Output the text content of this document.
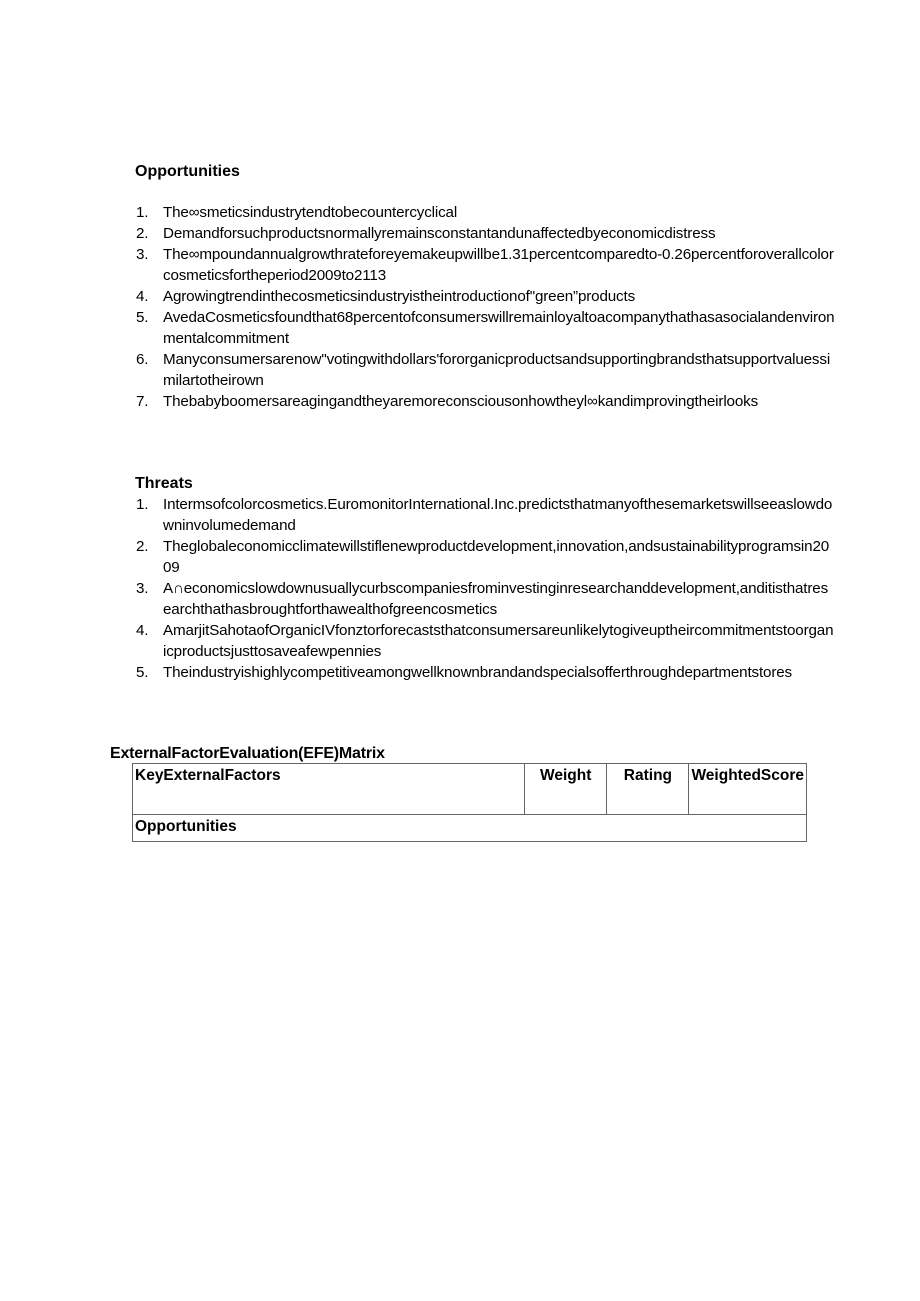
Opportunities
1. The∞smeticsindustrytendtobecountercyclical
2. Demandforsuchproductsnormallyremainsconstantandunaffectedbyeconomicdistress
3. The∞mpoundannualgrowthrateforeyemakeupwillbe1.31percentcomparedto-0.26percentforoverallcolorcosmeticsfortheperiod2009to2113
4. Agrowingtrendinthecosmeticsindustryistheintroductionof"green”products
5. AvedaCosmeticsfoundthat68percentofconsumerswillremainloyaltoacompanythathasasocialandenvironmentalcommitment
6. Manyconsumersarenow"votingwithdollars'fororganicproductsandsupportingbrandsthatsupportvaluessimilartotheirown
7. Thebabyboomersareagingandtheyaremoreconsciousonhowtheyl∞kandimprovingtheirlooks
Threats
1. Intermsofcolorcosmetics.EuromonitorInternational.Inc.predictsthatmanyofthesemarketswillseeaslowdowninvolumedemand
2. Theglobaleconomicclimatewillstiflenewproductdevelopment,innovation,andsustainabilityprogramsin2009
3. A∩economicslowdownusuallycurbscompaniesfrominvestinginresearchanddevelopment,anditisthatresearchthathasbroughtforthawealthofgreencosmetics
4. AmarjitSahotaofOrganicIVfonztorforecaststhatconsumersareunlikelytogiveuptheircommitmentstoorganicproductsjusttosaveafewpennies
5. Theindustryishighlycompetitiveamongwellknownbrandandspecialsofferthroughdepartmentstores
ExternalFactorEvaluation(EFE)Matrix
KeyExternalFactors	Weight	Rating	WeightedScore
Opportunities
